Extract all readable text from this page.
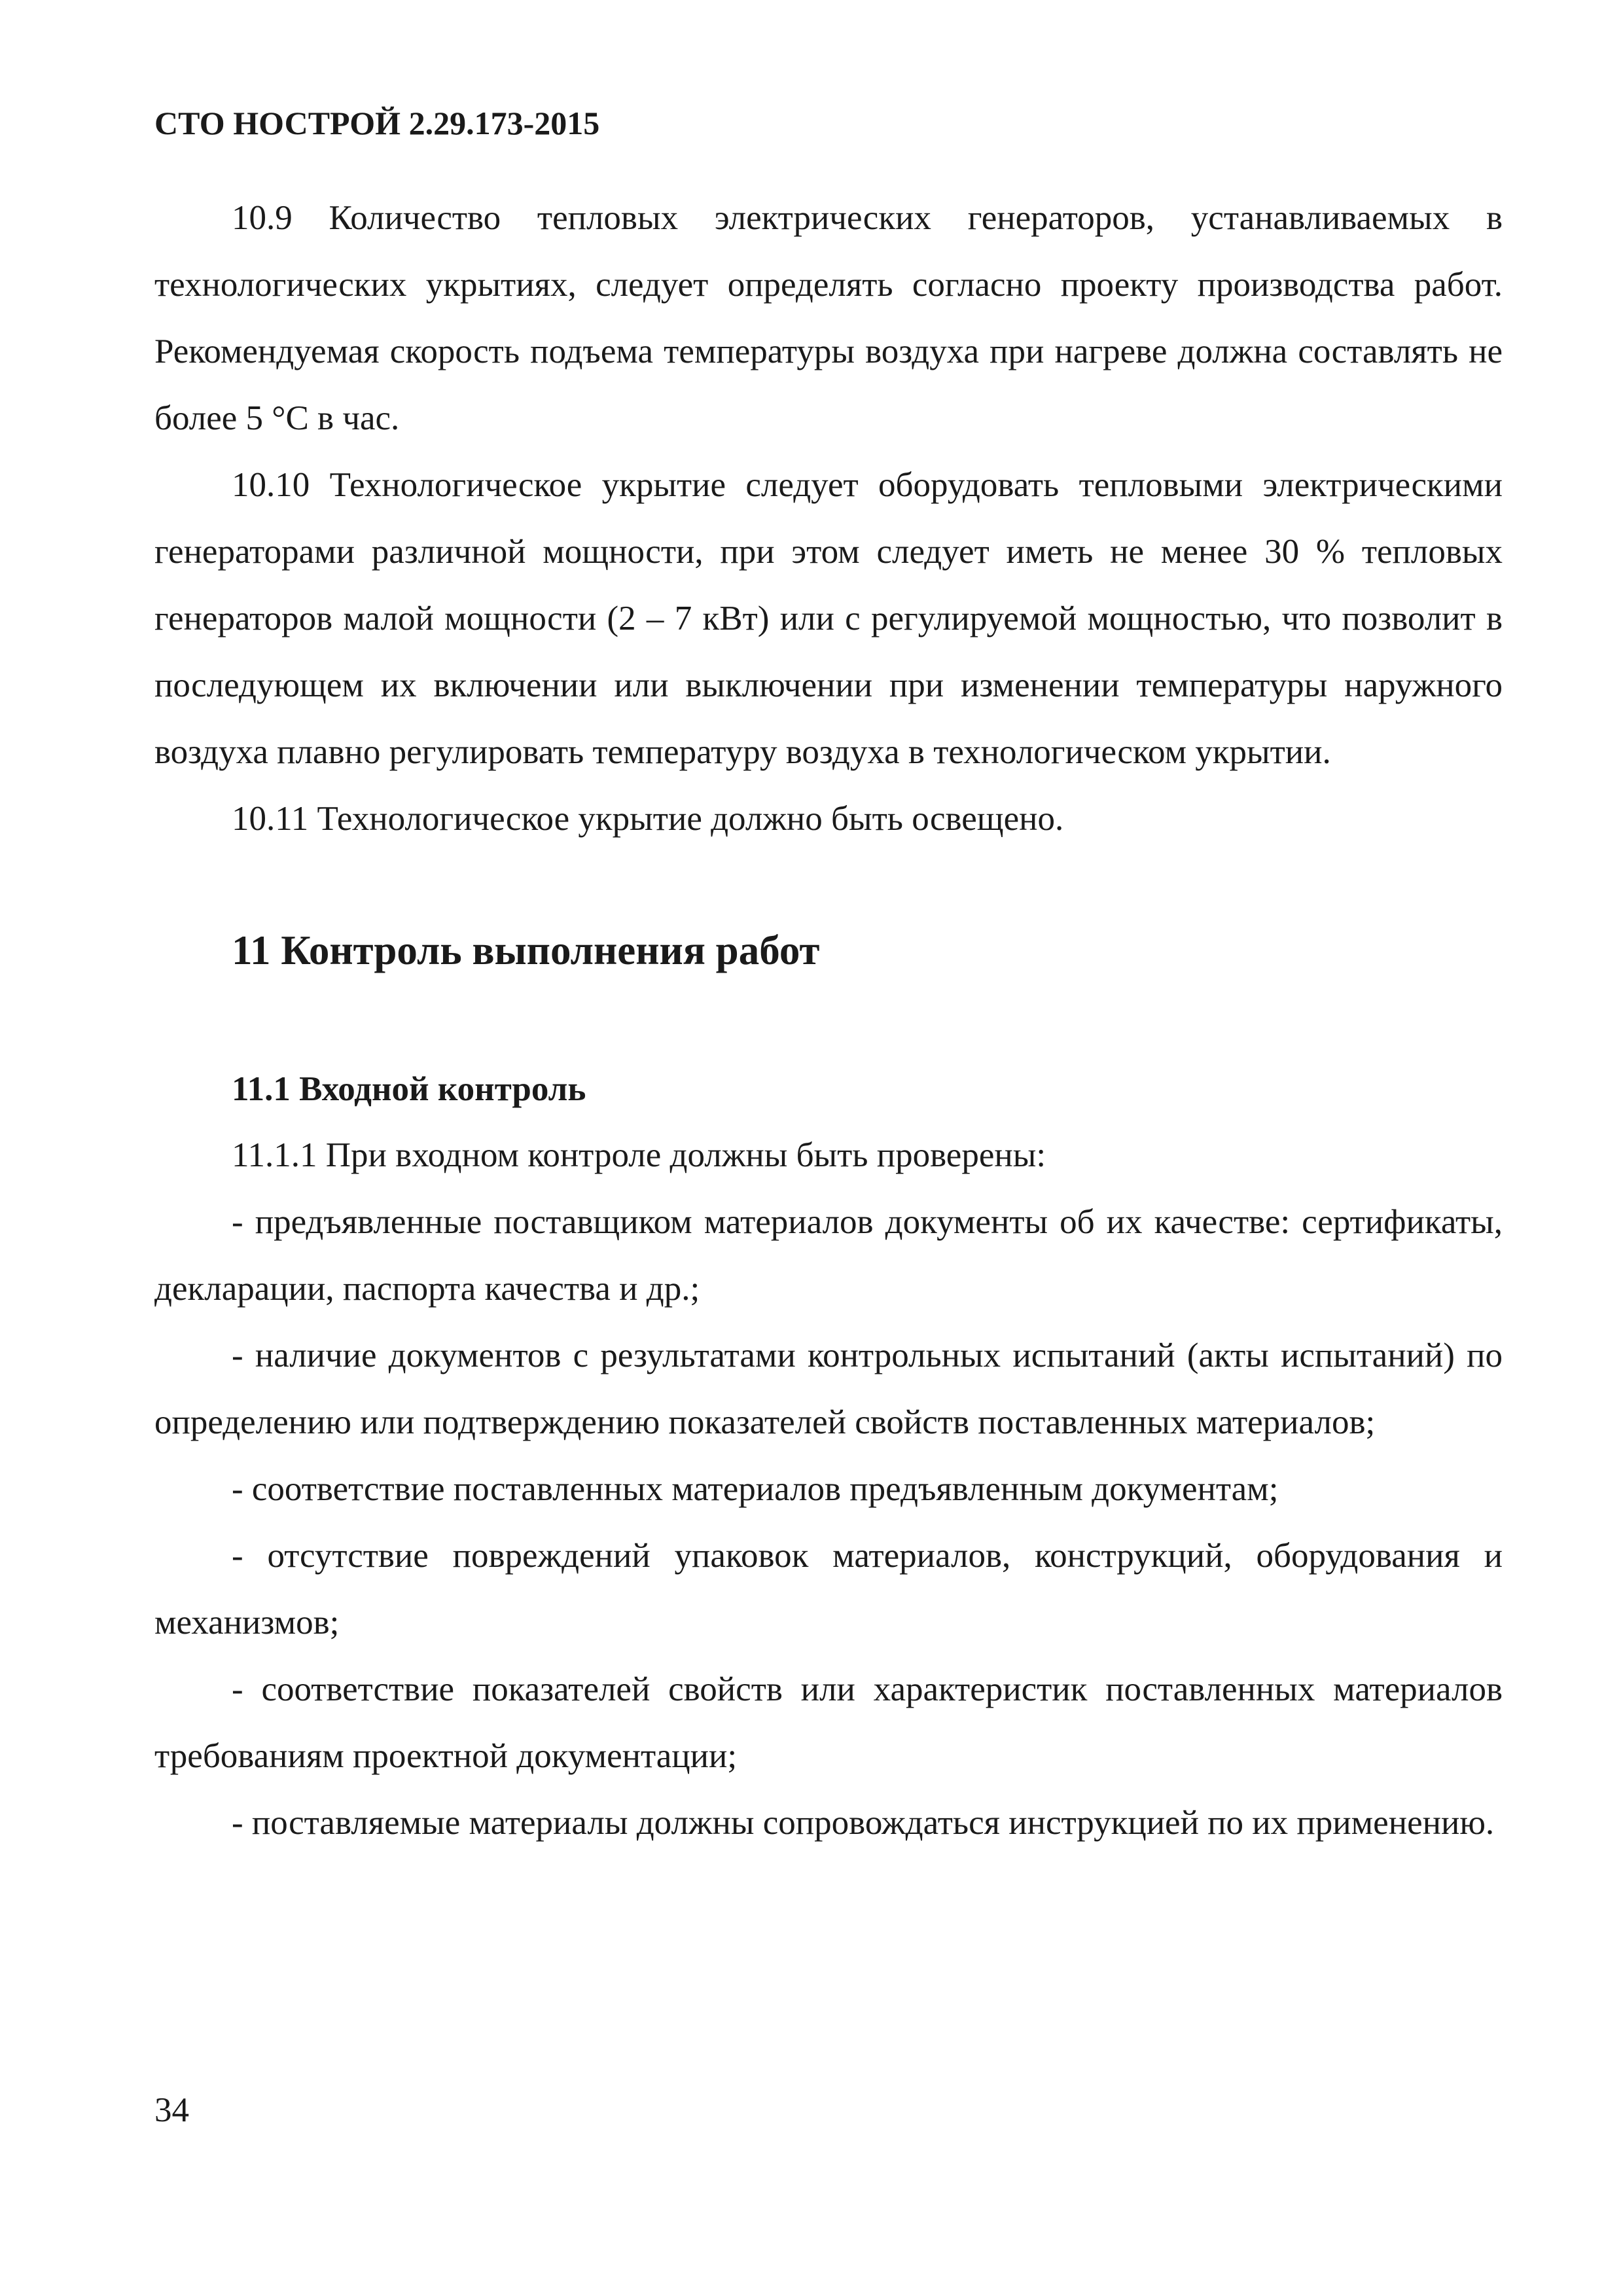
СТО НОСТРОЙ 2.29.173-2015

10.9 Количество тепловых электрических генераторов, устанавливаемых в технологических укрытиях, следует определять согласно проекту производства работ. Рекомендуемая скорость подъема температуры воздуха при нагреве должна составлять не более 5 °С в час.

10.10 Технологическое укрытие следует оборудовать тепловыми электрическими генераторами различной мощности, при этом следует иметь не менее 30 % тепловых генераторов малой мощности (2 – 7 кВт) или с регулируемой мощностью, что позволит в последующем их включении или выключении при изменении температуры наружного воздуха плавно регулировать температуру воздуха в технологическом укрытии.

10.11 Технологическое укрытие должно быть освещено.

11 Контроль выполнения работ
11.1 Входной контроль

11.1.1 При входном контроле должны быть проверены:

- предъявленные поставщиком материалов документы об их качестве: сертификаты, декларации, паспорта качества и др.;

- наличие документов с результатами контрольных испытаний (акты испытаний) по определению или подтверждению показателей свойств поставленных материалов;

- соответствие поставленных материалов предъявленным документам;

- отсутствие повреждений упаковок материалов, конструкций, оборудования и механизмов;

- соответствие показателей свойств или характеристик поставленных материалов требованиям проектной документации;

- поставляемые материалы должны сопровождаться инструкцией по их применению.

34
